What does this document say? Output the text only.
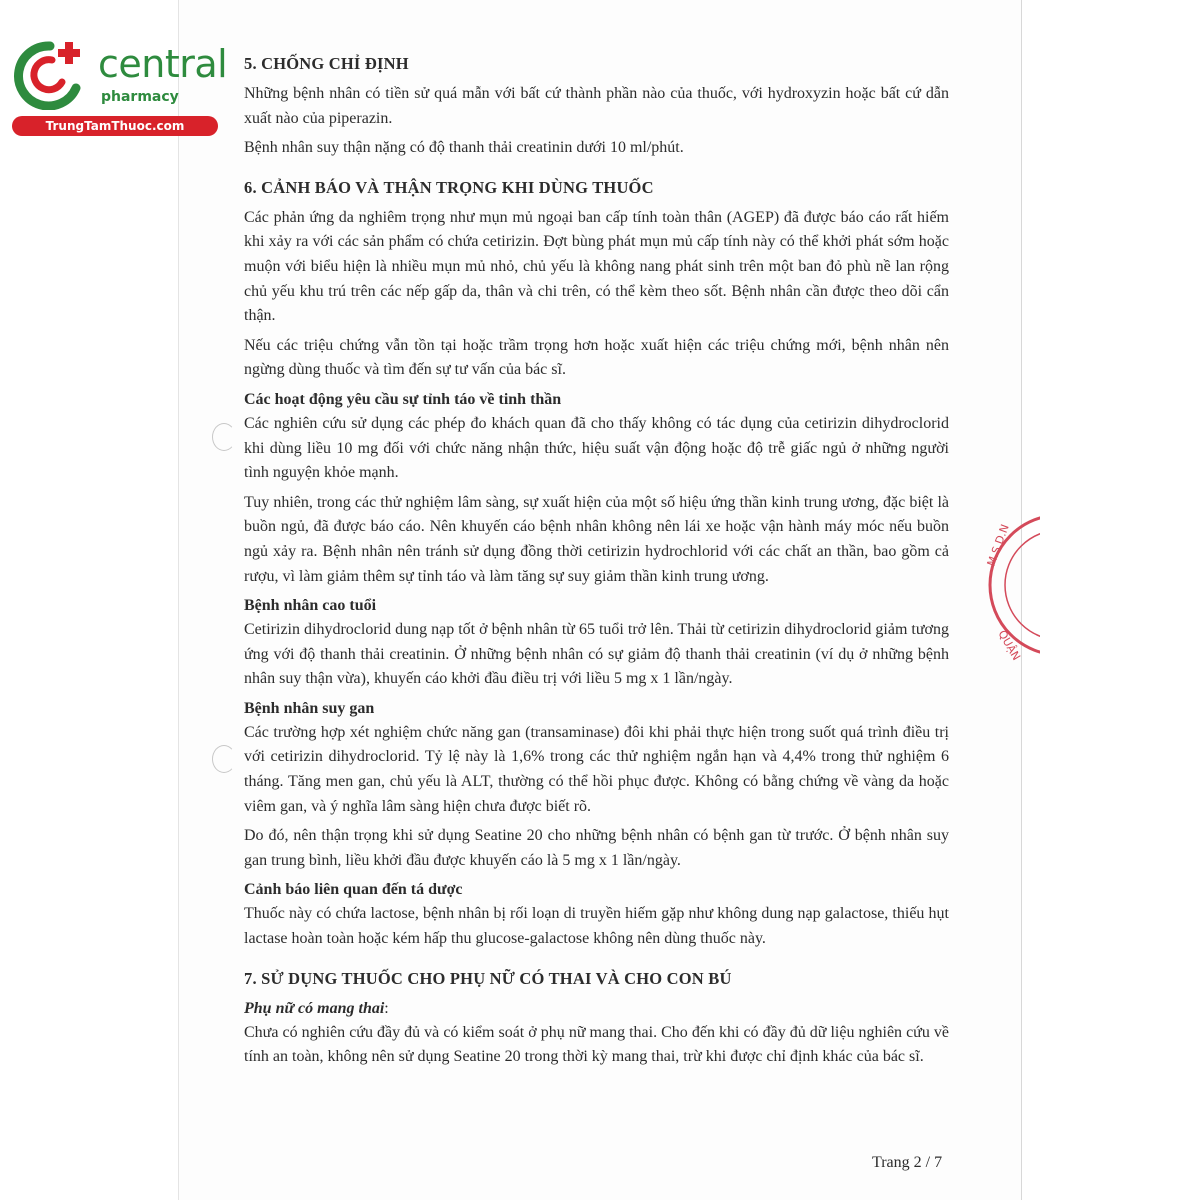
central
pharmacy
TrungTamThuoc.com
M.S.D.N
QUẬN
5. CHỐNG CHỈ ĐỊNH

Những bệnh nhân có tiền sử quá mẫn với bất cứ thành phần nào của thuốc, với hydroxyzin hoặc bất cứ dẫn xuất nào của piperazin.

Bệnh nhân suy thận nặng có độ thanh thải creatinin dưới 10 ml/phút.

6. CẢNH BÁO VÀ THẬN TRỌNG KHI DÙNG THUỐC

Các phản ứng da nghiêm trọng như mụn mủ ngoại ban cấp tính toàn thân (AGEP) đã được báo cáo rất hiếm khi xảy ra với các sản phẩm có chứa cetirizin. Đợt bùng phát mụn mủ cấp tính này có thể khởi phát sớm hoặc muộn với biểu hiện là nhiều mụn mủ nhỏ, chủ yếu là không nang phát sinh trên một ban đỏ phù nề lan rộng chủ yếu khu trú trên các nếp gấp da, thân và chi trên, có thể kèm theo sốt. Bệnh nhân cần được theo dõi cẩn thận.

Nếu các triệu chứng vẫn tồn tại hoặc trầm trọng hơn hoặc xuất hiện các triệu chứng mới, bệnh nhân nên ngừng dùng thuốc và tìm đến sự tư vấn của bác sĩ.

Các hoạt động yêu cầu sự tỉnh táo về tinh thần

Các nghiên cứu sử dụng các phép đo khách quan đã cho thấy không có tác dụng của cetirizin dihydroclorid khi dùng liều 10 mg đối với chức năng nhận thức, hiệu suất vận động hoặc độ trễ giấc ngủ ở những người tình nguyện khỏe mạnh.

Tuy nhiên, trong các thử nghiệm lâm sàng, sự xuất hiện của một số hiệu ứng thần kinh trung ương, đặc biệt là buồn ngủ, đã được báo cáo. Nên khuyến cáo bệnh nhân không nên lái xe hoặc vận hành máy móc nếu buồn ngủ xảy ra. Bệnh nhân nên tránh sử dụng đồng thời cetirizin hydrochlorid với các chất an thần, bao gồm cả rượu, vì làm giảm thêm sự tỉnh táo và làm tăng sự suy giảm thần kinh trung ương.

Bệnh nhân cao tuổi

Cetirizin dihydroclorid dung nạp tốt ở bệnh nhân từ 65 tuổi trở lên. Thải từ cetirizin dihydroclorid giảm tương ứng với độ thanh thải creatinin. Ở những bệnh nhân có sự giảm độ thanh thải creatinin (ví dụ ở những bệnh nhân suy thận vừa), khuyến cáo khởi đầu điều trị với liều 5 mg x 1 lần/ngày.

Bệnh nhân suy gan

Các trường hợp xét nghiệm chức năng gan (transaminase) đôi khi phải thực hiện trong suốt quá trình điều trị với cetirizin dihydroclorid. Tỷ lệ này là 1,6% trong các thử nghiệm ngắn hạn và 4,4% trong thử nghiệm 6 tháng. Tăng men gan, chủ yếu là ALT, thường có thể hồi phục được. Không có bằng chứng về vàng da hoặc viêm gan, và ý nghĩa lâm sàng hiện chưa được biết rõ.

Do đó, nên thận trọng khi sử dụng Seatine 20 cho những bệnh nhân có bệnh gan từ trước. Ở bệnh nhân suy gan trung bình, liều khởi đầu được khuyến cáo là 5 mg x 1 lần/ngày.

Cảnh báo liên quan đến tá dược

Thuốc này có chứa lactose, bệnh nhân bị rối loạn di truyền hiếm gặp như không dung nạp galactose, thiếu hụt lactase hoàn toàn hoặc kém hấp thu glucose-galactose không nên dùng thuốc này.

7. SỬ DỤNG THUỐC CHO PHỤ NỮ CÓ THAI VÀ CHO CON BÚ
Phụ nữ có mang thai:

Chưa có nghiên cứu đầy đủ và có kiểm soát ở phụ nữ mang thai. Cho đến khi có đầy đủ dữ liệu nghiên cứu về tính an toàn, không nên sử dụng Seatine 20 trong thời kỳ mang thai, trừ khi được chỉ định khác của bác sĩ.

Trang 2 / 7
